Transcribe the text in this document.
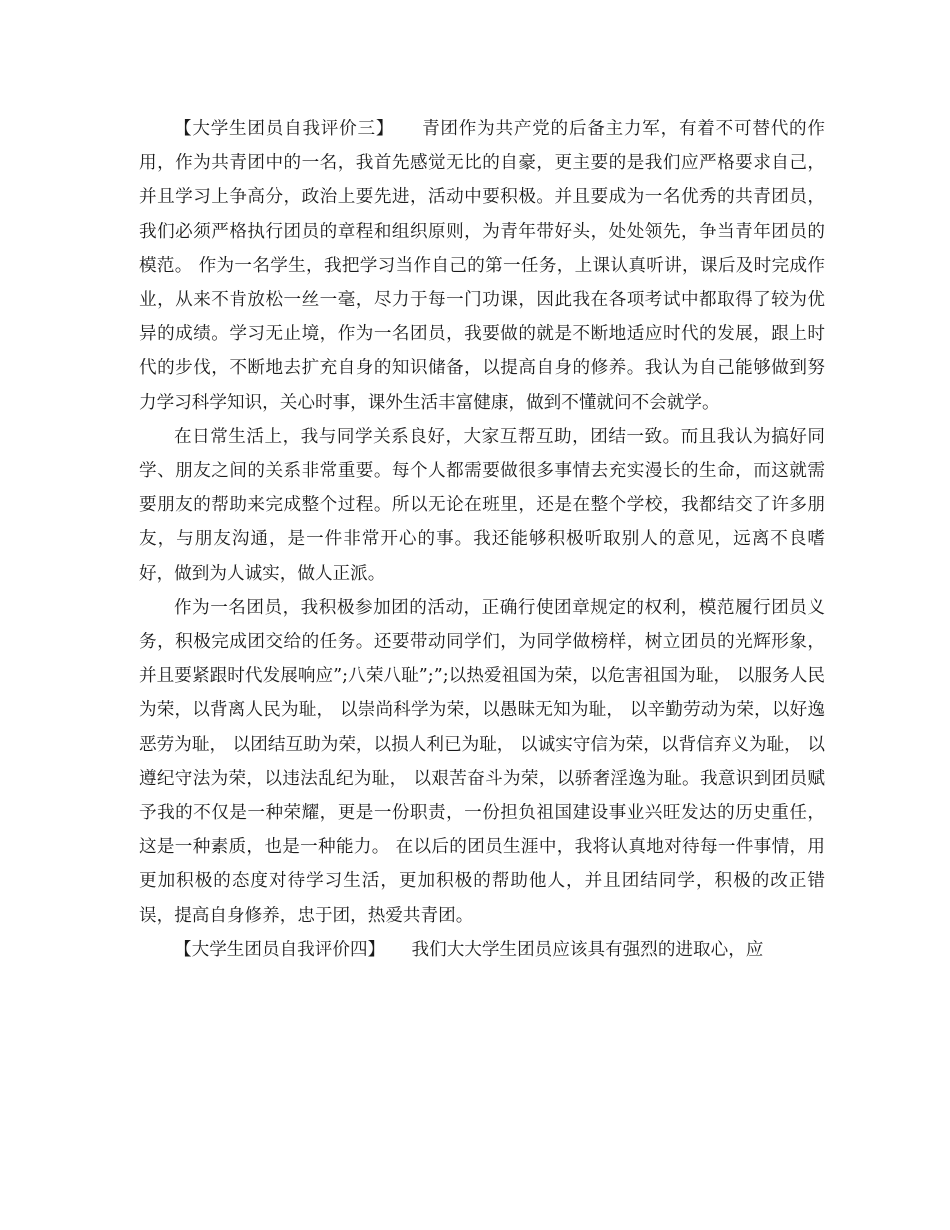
【大学生团员自我评价三】　　青团作为共产党的后备主力军，有着不可替代的作用，作为共青团中的一名，我首先感觉无比的自豪，更主要的是我们应严格要求自己，并且学习上争高分，政治上要先进，活动中要积极。并且要成为一名优秀的共青团员，我们必须严格执行团员的章程和组织原则，为青年带好头，处处领先，争当青年团员的模范。 作为一名学生，我把学习当作自己的第一任务，上课认真听讲，课后及时完成作业，从来不肯放松一丝一毫，尽力于每一门功课，因此我在各项考试中都取得了较为优异的成绩。学习无止境，作为一名团员，我要做的就是不断地适应时代的发展，跟上时代的步伐，不断地去扩充自身的知识储备，以提高自身的修养。我认为自己能够做到努力学习科学知识，关心时事，课外生活丰富健康，做到不懂就问不会就学。

在日常生活上，我与同学关系良好，大家互帮互助，团结一致。而且我认为搞好同学、朋友之间的关系非常重要。每个人都需要做很多事情去充实漫长的生命，而这就需要朋友的帮助来完成整个过程。所以无论在班里，还是在整个学校，我都结交了许多朋友，与朋友沟通，是一件非常开心的事。我还能够积极听取别人的意见，远离不良嗜好，做到为人诚实，做人正派。

作为一名团员，我积极参加团的活动，正确行使团章规定的权利，模范履行团员义务，积极完成团交给的任务。还要带动同学们，为同学做榜样，树立团员的光辉形象，并且要紧跟时代发展响应”;八荣八耻”;”;以热爱祖国为荣，以危害祖国为耻， 以服务人民为荣，以背离人民为耻， 以崇尚科学为荣，以愚昧无知为耻， 以辛勤劳动为荣，以好逸恶劳为耻， 以团结互助为荣，以损人利已为耻， 以诚实守信为荣，以背信弃义为耻， 以遵纪守法为荣，以违法乱纪为耻， 以艰苦奋斗为荣，以骄奢淫逸为耻。我意识到团员赋予我的不仅是一种荣耀，更是一份职责，一份担负祖国建设事业兴旺发达的历史重任，这是一种素质，也是一种能力。 在以后的团员生涯中，我将认真地对待每一件事情，用更加积极的态度对待学习生活，更加积极的帮助他人，并且团结同学，积极的改正错误，提高自身修养，忠于团，热爱共青团。

【大学生团员自我评价四】　　我们大大学生团员应该具有强烈的进取心，应
